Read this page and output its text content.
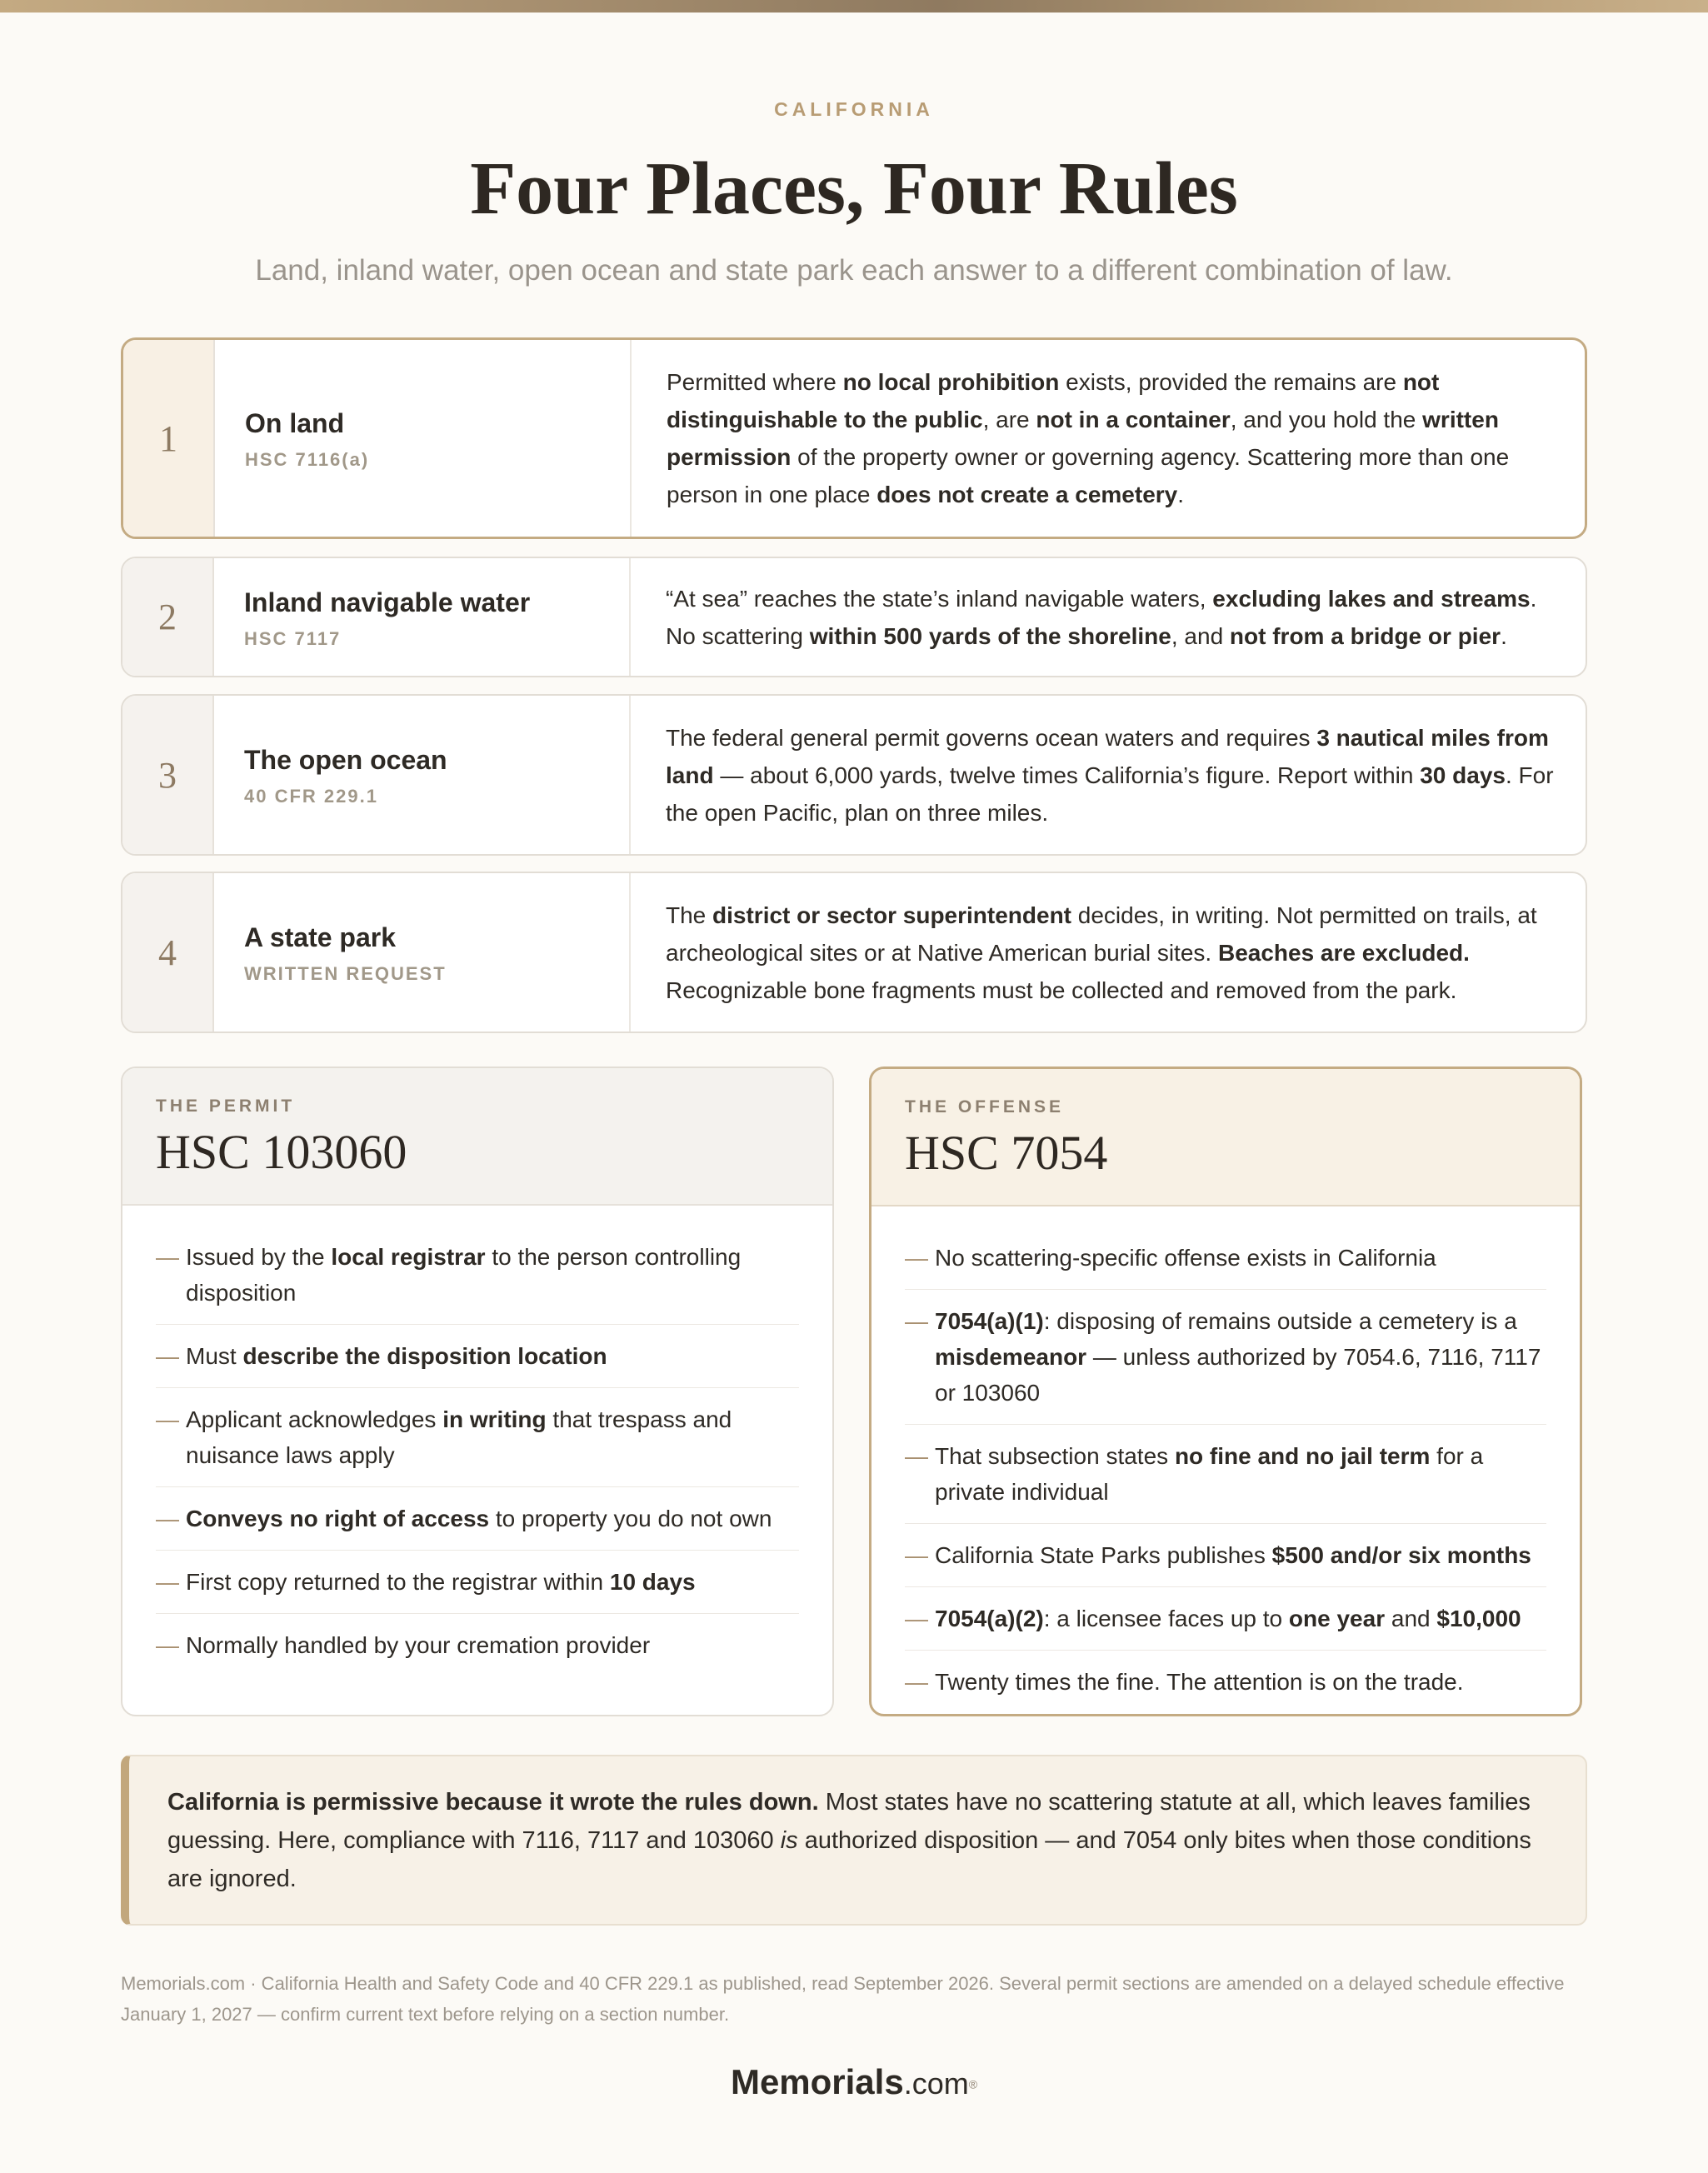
CALIFORNIA
Four Places, Four Rules
Land, inland water, open ocean and state park each answer to a different combination of law.
1	On land
HSC 7116(a)

Permitted where no local prohibition exists, provided the remains are not distinguishable to the public, are not in a container, and you hold the written permission of the property owner or governing agency. Scattering more than one person in one place does not create a cemetery.

2	Inland navigable water
HSC 7117

“At sea” reaches the state’s inland navigable waters, excluding lakes and streams. No scattering within 500 yards of the shoreline, and not from a bridge or pier.

3	The open ocean
40 CFR 229.1

The federal general permit governs ocean waters and requires 3 nautical miles from land — about 6,000 yards, twelve times California’s figure. Report within 30 days. For the open Pacific, plan on three miles.

4	A state park
WRITTEN REQUEST

The district or sector superintendent decides, in writing. Not permitted on trails, at archeological sites or at Native American burial sites. Beaches are excluded. Recognizable bone fragments must be collected and removed from the park.

THE PERMIT
HSC 103060
— Issued by the local registrar to the person controlling disposition
— Must describe the disposition location
— Applicant acknowledges in writing that trespass and nuisance laws apply
— Conveys no right of access to property you do not own
— First copy returned to the registrar within 10 days
— Normally handled by your cremation provider
THE OFFENSE
HSC 7054
— No scattering-specific offense exists in California
— 7054(a)(1): disposing of remains outside a cemetery is a misdemeanor — unless authorized by 7054.6, 7116, 7117 or 103060
— That subsection states no fine and no jail term for a private individual
— California State Parks publishes $500 and/or six months
— 7054(a)(2): a licensee faces up to one year and $10,000
— Twenty times the fine. The attention is on the trade.

California is permissive because it wrote the rules down. Most states have no scattering statute at all, which leaves families guessing. Here, compliance with 7116, 7117 and 103060 is authorized disposition — and 7054 only bites when those conditions are ignored.

Memorials.com · California Health and Safety Code and 40 CFR 229.1 as published, read September 2026. Several permit sections are amended on a delayed schedule effective January 1, 2027 — confirm current text before relying on a section number.
Memorials.com®
